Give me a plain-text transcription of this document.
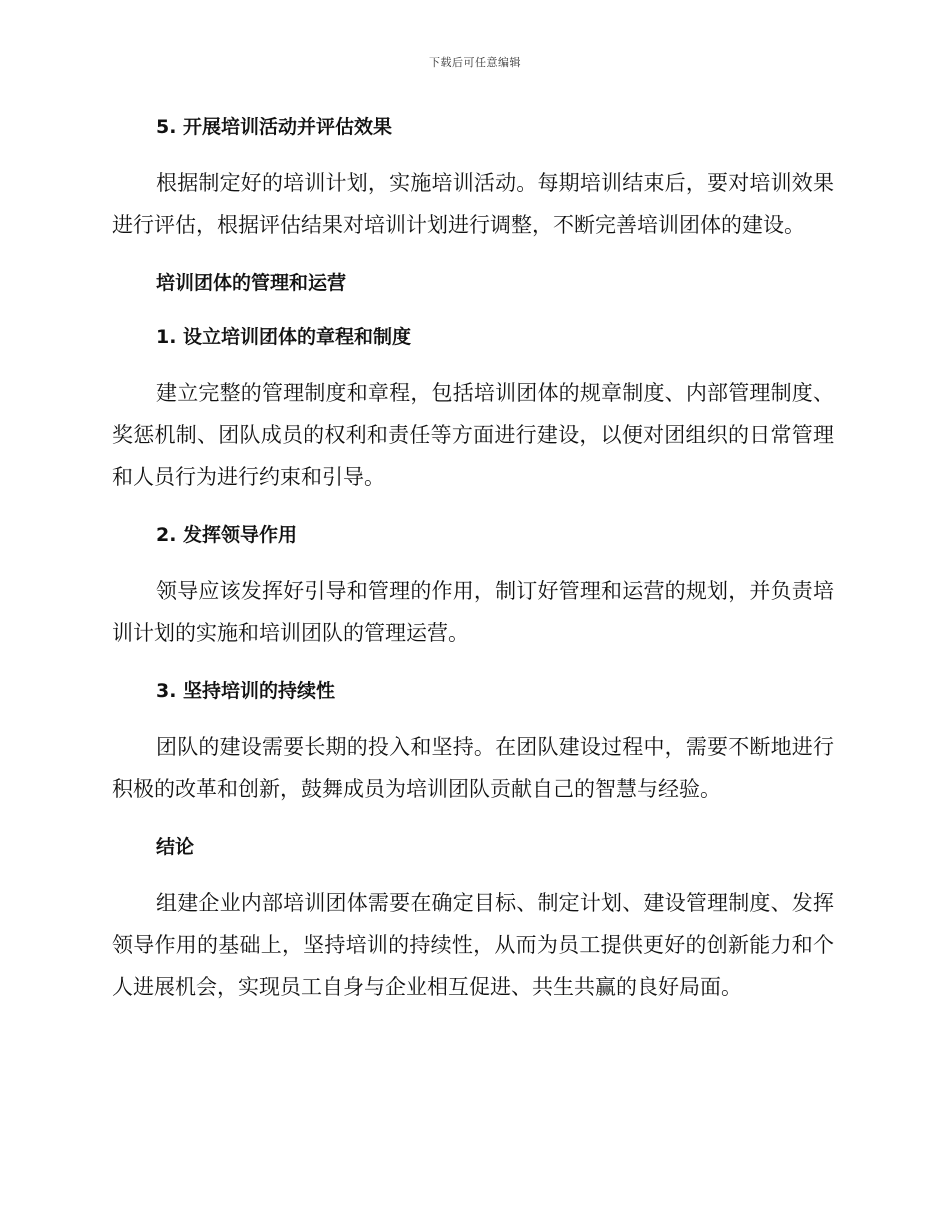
下载后可任意编辑
5. 开展培训活动并评估效果

根据制定好的培训计划，实施培训活动。每期培训结束后，要对培训效果进行评估，根据评估结果对培训计划进行调整，不断完善培训团体的建设。

培训团体的管理和运营
1. 设立培训团体的章程和制度

建立完整的管理制度和章程，包括培训团体的规章制度、内部管理制度、奖惩机制、团队成员的权利和责任等方面进行建设，以便对团组织的日常管理和人员行为进行约束和引导。

2. 发挥领导作用

领导应该发挥好引导和管理的作用，制订好管理和运营的规划，并负责培训计划的实施和培训团队的管理运营。

3. 坚持培训的持续性

团队的建设需要长期的投入和坚持。在团队建设过程中，需要不断地进行积极的改革和创新，鼓舞成员为培训团队贡献自己的智慧与经验。

结论

组建企业内部培训团体需要在确定目标、制定计划、建设管理制度、发挥领导作用的基础上，坚持培训的持续性，从而为员工提供更好的创新能力和个人进展机会，实现员工自身与企业相互促进、共生共赢的良好局面。
